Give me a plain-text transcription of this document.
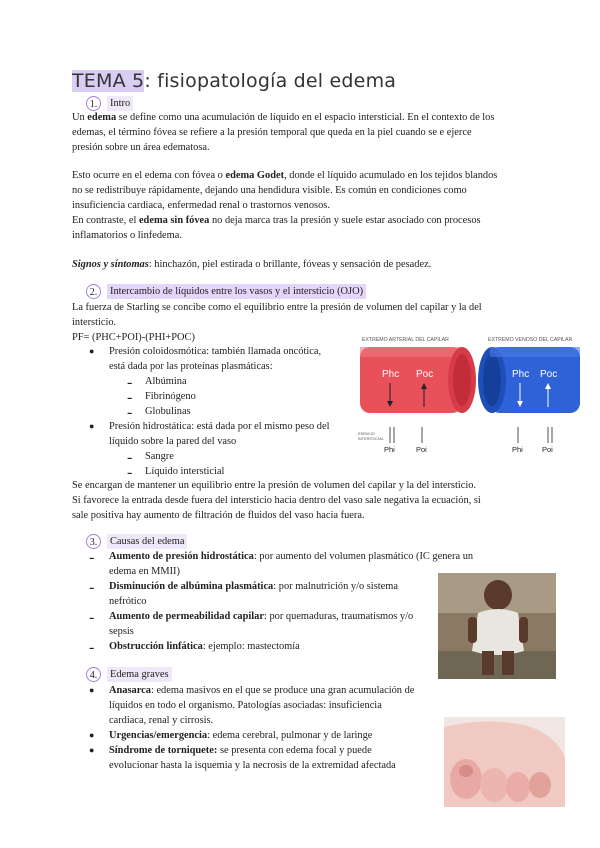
TEMA 5: fisiopatología del edema
1.	Intro
Un edema se define como una acumulación de líquido en el espacio intersticial. En el contexto de los
edemas, el término fóvea se refiere a la presión temporal que queda en la piel cuando se e ejerce
presión sobre un área edematosa.
Esto ocurre en el edema con fóvea o edema Godet, donde el líquido acumulado en los tejidos blandos
no se redistribuye rápidamente, dejando una hendidura visible. Es común en condiciones como
insuficiencia cardiaca, enfermedad renal o trastornos venosos.
En contraste, el edema sin fóvea no deja marca tras la presión y suele estar asociado con procesos
inflamatorios o linfedema.
Signos y síntomas: hinchazón, piel estirada o brillante, fóveas y sensación de pesadez.
2.	Intercambio de líquidos entre los vasos y el intersticio (OJO)
La fuerza de Starling se concibe como el equilibrio entre la presión de volumen del capilar y la del
intersticio.
PF= (PHC+POI)-(PHI+POC)
● Presión coloidosmótica: también llamada oncótica,
está dada por las proteínas plasmáticas:
- Albúmina
- Fibrinógeno
- Globulinas
● Presión hidrostática: está dada por el mismo peso del
líquido sobre la pared del vaso
- Sangre
- Líquido intersticial
EXTREMO ARTERIAL DEL CAPILAR	EXTREMO VENOSO DEL CAPILAR
Phc Poc
ESPACIO
INTERSTICIAL
Phi	Poi
Phc Poc
Phi	Poi
Se encargan de mantener un equilibrio entre la presión de volumen del capilar y la del intersticio.
Si favorece la entrada desde fuera del intersticio hacia dentro del vaso sale negativa la ecuación, si
sale positiva hay aumento de filtración de fluidos del vaso hacia fuera.
3.	Causas del edema
- Aumento de presión hidrostática: por aumento del volumen plasmático (IC genera un
edema en MMII)
- Disminución de albúmina plasmática: por malnutrición y/o sistema
nefrótico
- Aumento de permeabilidad capilar: por quemaduras, traumatismos y/o
sepsis
- Obstrucción linfática: ejemplo: mastectomía
4.	Edema graves
● Anasarca: edema masivos en el que se produce una gran acumulación de
líquidos en todo el organismo. Patologías asociadas: insuficiencia
cardiaca, renal y cirrosis.
● Urgencias/emergencia: edema cerebral, pulmonar y de laringe
● Síndrome de torniquete: se presenta con edema focal y puede
evolucionar hasta la isquemia y la necrosis de la extremidad afectada
